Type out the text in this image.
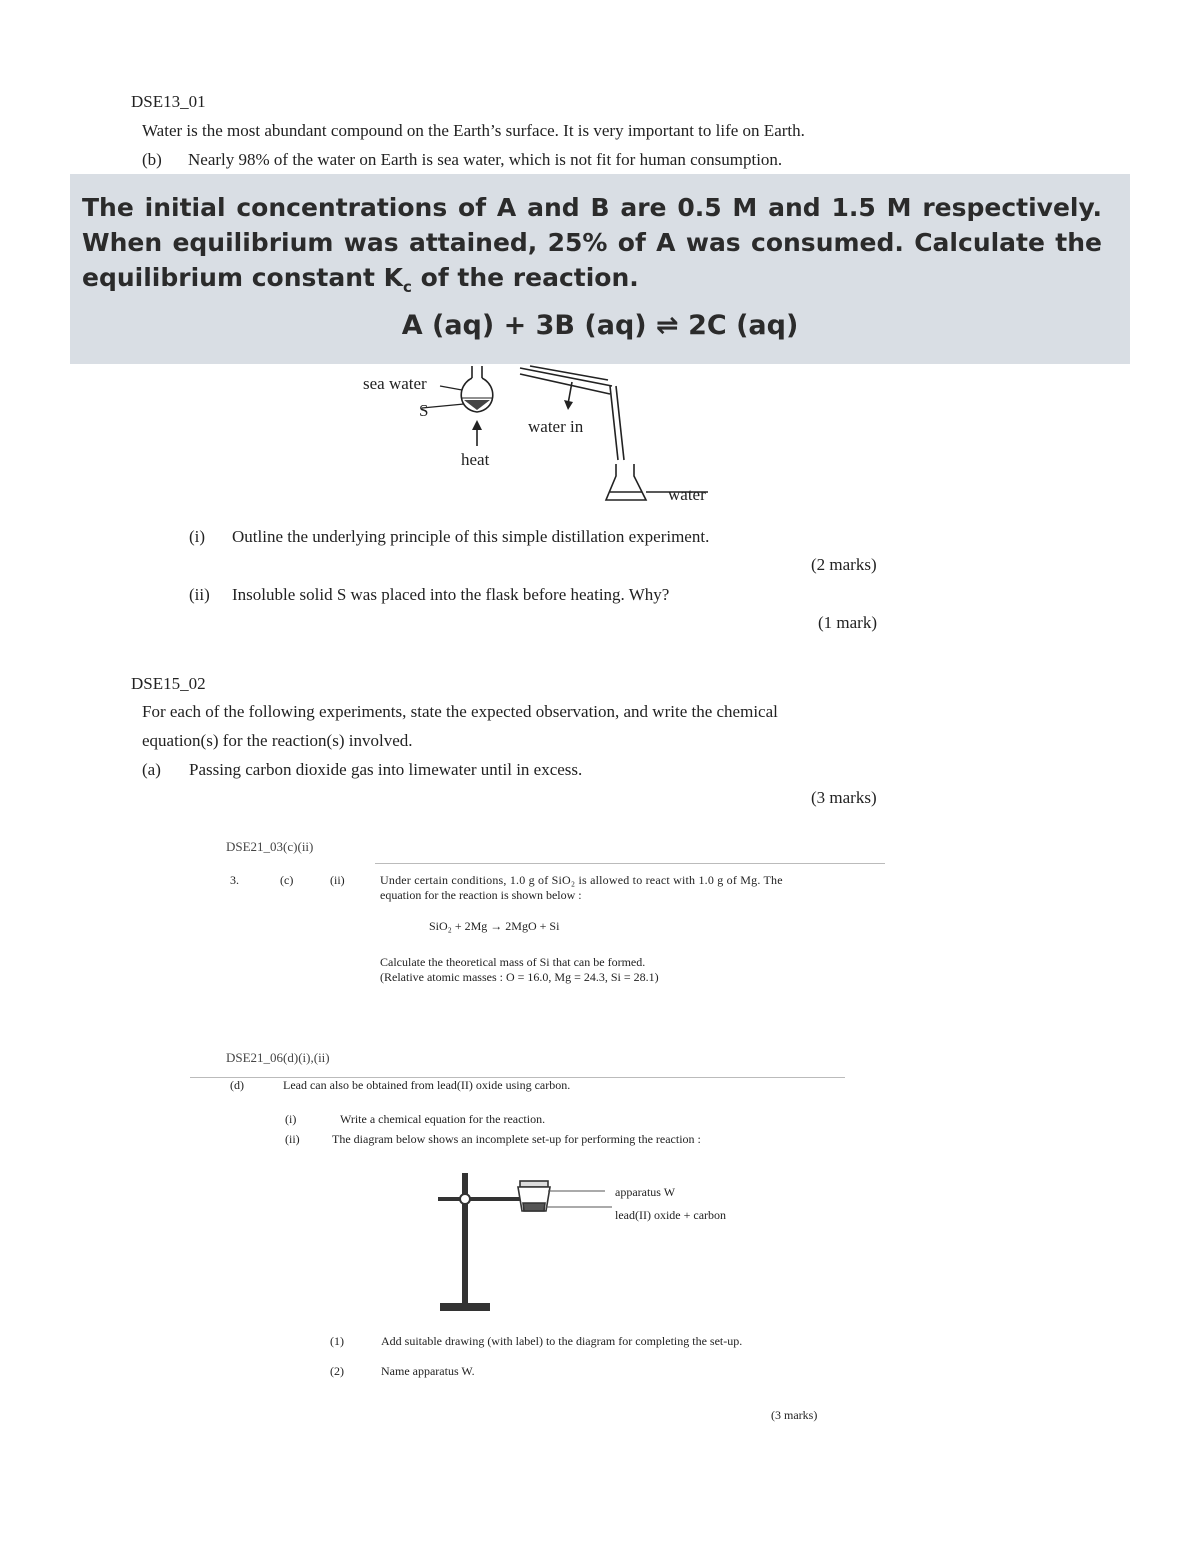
DSE13_01
Water is the most abundant compound on the Earth’s surface. It is very important to life on Earth.
(b) Nearly 98% of the water on Earth is sea water, which is not fit for human consumption.
The initial concentrations of A and B are 0.5 M and 1.5 M respectively. When equilibrium was attained, 25% of A was consumed. Calculate the equilibrium constant $K_c$ of the reaction.
A (aq) + 3B (aq) ⇌ 2C (aq)
sea water
S
heat
water in
water
(i) Outline the underlying principle of this simple distillation experiment.
(2 marks)
(ii) Insoluble solid S was placed into the flask before heating. Why?
(1 mark)
DSE15_02
For each of the following experiments, state the expected observation, and write the chemical
equation(s) for the reaction(s) involved.
(a) Passing carbon dioxide gas into limewater until in excess.
(3 marks)
DSE21_03(c)(ii)
3.	(c)	(ii)	Under certain conditions, 1.0 g of SiO₂ is allowed to react with 1.0 g of Mg. The
equation for the reaction is shown below :
SiO₂ + 2Mg → 2MgO + Si
Calculate the theoretical mass of Si that can be formed.
(Relative atomic masses : O = 16.0, Mg = 24.3, Si = 28.1)
DSE21_06(d)(i),(ii)
(d)	Lead can also be obtained from lead(II) oxide using carbon.
(i)	Write a chemical equation for the reaction.
(ii)	The diagram below shows an incomplete set-up for performing the reaction :
apparatus W
lead(II) oxide + carbon
(1)	Add suitable drawing (with label) to the diagram for completing the set-up.
(2)	Name apparatus W.
(3 marks)
